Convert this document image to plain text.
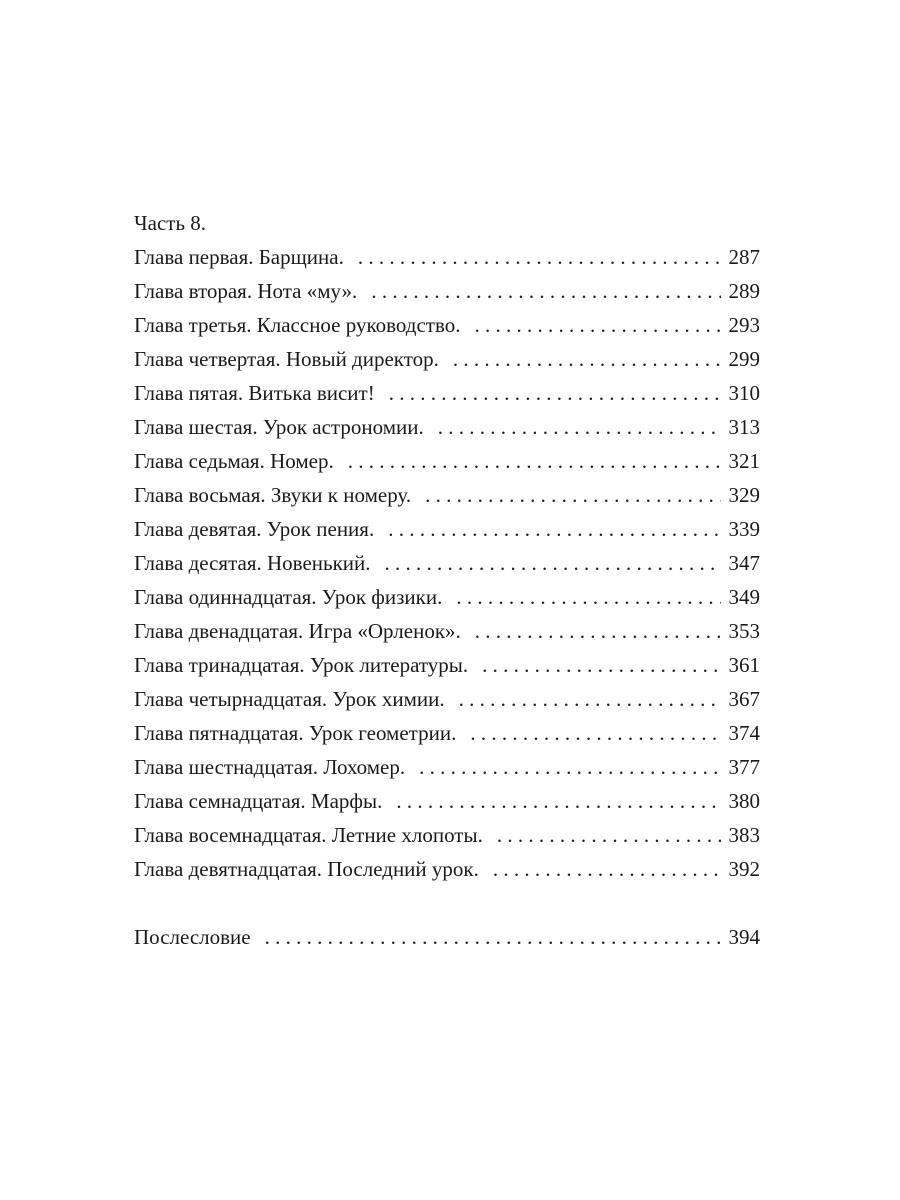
Часть 8.
Глава первая. Барщина. . . .	287
Глава вторая. Нота «му». . . .	289
Глава третья. Классное руководство. . . .	293
Глава четвертая. Новый директор. . . .	299
Глава пятая. Витька висит! . . .	310
Глава шестая. Урок астрономии. . . .	313
Глава седьмая. Номер. . . .	321
Глава восьмая. Звуки к номеру. . . .	329
Глава девятая. Урок пения. . . .	339
Глава десятая. Новенький. . . .	347
Глава одиннадцатая. Урок физики. . . .	349
Глава двенадцатая. Игра «Орленок». . . .	353
Глава тринадцатая. Урок литературы. . . .	361
Глава четырнадцатая. Урок химии. . . .	367
Глава пятнадцатая. Урок геометрии. . . .	374
Глава шестнадцатая. Лохомер. . . .	377
Глава семнадцатая. Марфы. . . .	380
Глава восемнадцатая. Летние хлопоты. . . .	383
Глава девятнадцатая. Последний урок. . . .	392
Послесловие . . .	394
